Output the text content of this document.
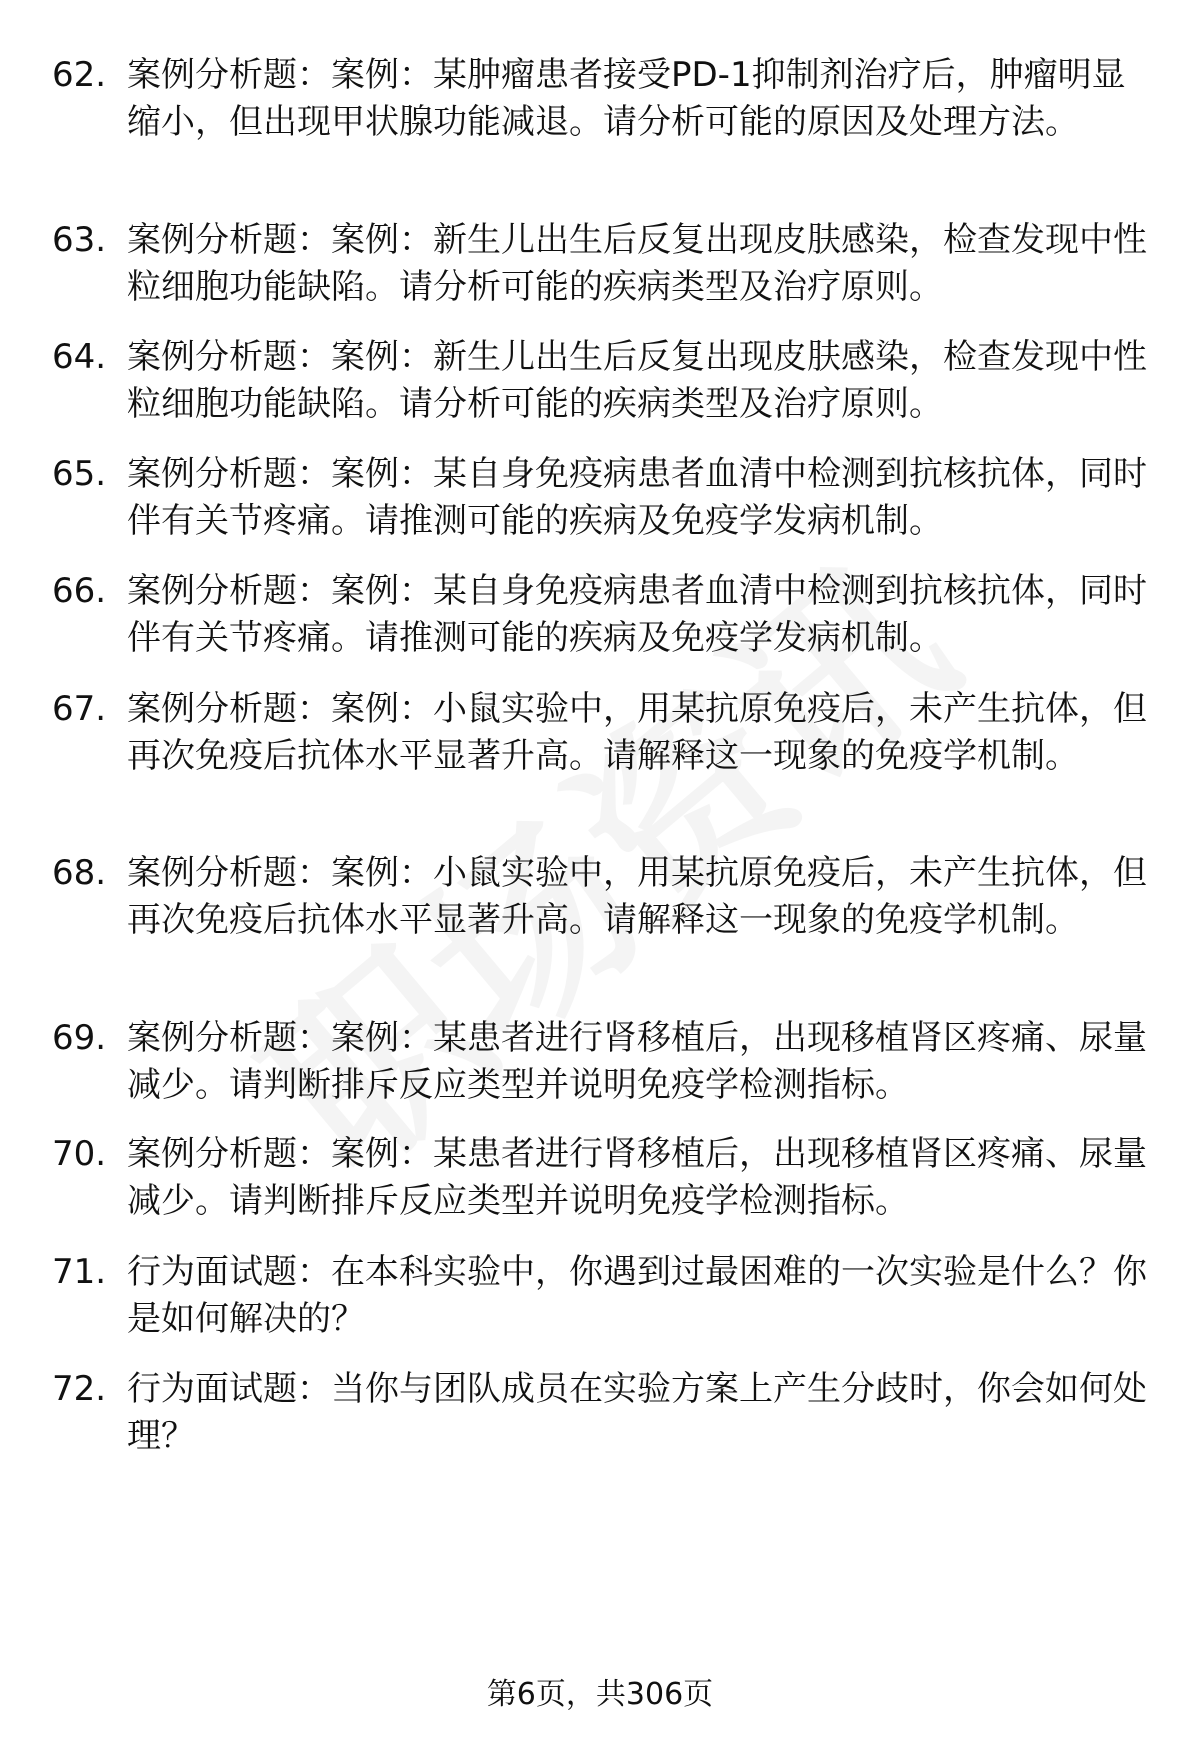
62. 案例分析题：案例：某肿瘤患者接受PD-1抑制剂治疗后，肿瘤明显缩小，但出现甲状腺功能减退。请分析可能的原因及处理方法。
63. 案例分析题：案例：新生儿出生后反复出现皮肤感染，检查发现中性粒细胞功能缺陷。请分析可能的疾病类型及治疗原则。
64. 案例分析题：案例：新生儿出生后反复出现皮肤感染，检查发现中性粒细胞功能缺陷。请分析可能的疾病类型及治疗原则。
65. 案例分析题：案例：某自身免疫病患者血清中检测到抗核抗体，同时伴有关节疼痛。请推测可能的疾病及免疫学发病机制。
66. 案例分析题：案例：某自身免疫病患者血清中检测到抗核抗体，同时伴有关节疼痛。请推测可能的疾病及免疫学发病机制。
67. 案例分析题：案例：小鼠实验中，用某抗原免疫后，未产生抗体，但再次免疫后抗体水平显著升高。请解释这一现象的免疫学机制。
68. 案例分析题：案例：小鼠实验中，用某抗原免疫后，未产生抗体，但再次免疫后抗体水平显著升高。请解释这一现象的免疫学机制。
69. 案例分析题：案例：某患者进行肾移植后，出现移植肾区疼痛、尿量减少。请判断排斥反应类型并说明免疫学检测指标。
70. 案例分析题：案例：某患者进行肾移植后，出现移植肾区疼痛、尿量减少。请判断排斥反应类型并说明免疫学检测指标。
71. 行为面试题：在本科实验中，你遇到过最困难的一次实验是什么？你是如何解决的？
72. 行为面试题：当你与团队成员在实验方案上产生分歧时，你会如何处理？
第6页，共306页
